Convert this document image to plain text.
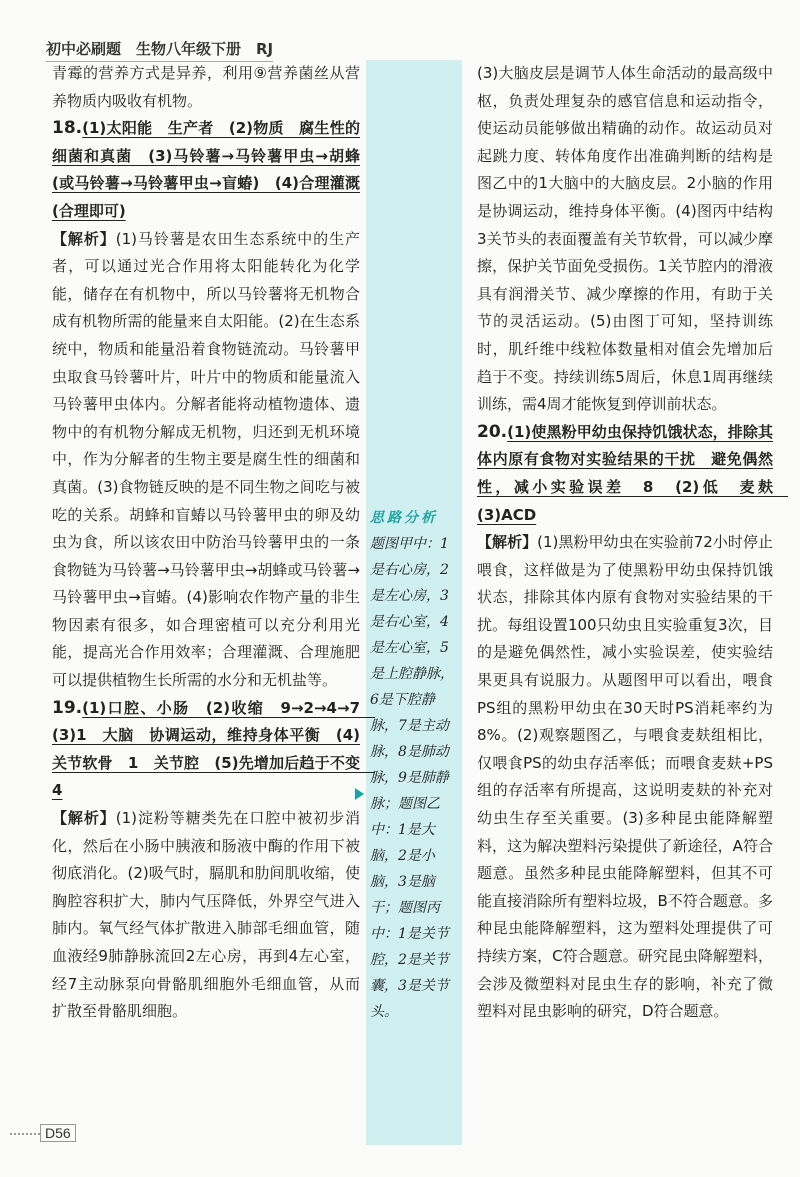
初中必刷题　生物八年级下册　RJ
思路分析
题图甲中：1是右心房，2是左心房，3是右心室，4是左心室，5是上腔静脉，6是下腔静脉，7是主动脉，8是肺动脉，9是肺静脉；题图乙中：1是大脑，2是小脑，3是脑干；题图丙中：1是关节腔，2是关节囊，3是关节头。

青霉的营养方式是异养，利用⑨营养菌丝从营养物质内吸收有机物。

18.(1)太阳能　生产者　(2)物质　腐生性的细菌和真菌　(3)马铃薯→马铃薯甲虫→胡蜂(或马铃薯→马铃薯甲虫→盲蝽)　(4)合理灌溉(合理即可)

【解析】(1)马铃薯是农田生态系统中的生产者，可以通过光合作用将太阳能转化为化学能，储存在有机物中，所以马铃薯将无机物合成有机物所需的能量来自太阳能。(2)在生态系统中，物质和能量沿着食物链流动。马铃薯甲虫取食马铃薯叶片，叶片中的物质和能量流入马铃薯甲虫体内。分解者能将动植物遗体、遗物中的有机物分解成无机物，归还到无机环境中，作为分解者的生物主要是腐生性的细菌和真菌。(3)食物链反映的是不同生物之间吃与被吃的关系。胡蜂和盲蝽以马铃薯甲虫的卵及幼虫为食，所以该农田中防治马铃薯甲虫的一条食物链为马铃薯→马铃薯甲虫→胡蜂或马铃薯→马铃薯甲虫→盲蝽。(4)影响农作物产量的非生物因素有很多，如合理密植可以充分利用光能，提高光合作用效率；合理灌溉、合理施肥可以提供植物生长所需的水分和无机盐等。

19.(1)口腔、小肠　(2)收缩　9→2→4→7　(3)1　大脑　协调运动，维持身体平衡　(4)关节软骨　1　关节腔　(5)先增加后趋于不变　4

【解析】(1)淀粉等糖类先在口腔中被初步消化，然后在小肠中胰液和肠液中酶的作用下被彻底消化。(2)吸气时，膈肌和肋间肌收缩，使胸腔容积扩大，肺内气压降低，外界空气进入肺内。氧气经气体扩散进入肺部毛细血管，随血液经9肺静脉流回2左心房，再到4左心室，经7主动脉泵向骨骼肌细胞外毛细血管，从而扩散至骨骼肌细胞。

(3)大脑皮层是调节人体生命活动的最高级中枢，负责处理复杂的感官信息和运动指令，使运动员能够做出精确的动作。故运动员对起跳力度、转体角度作出准确判断的结构是图乙中的1大脑中的大脑皮层。2小脑的作用是协调运动，维持身体平衡。(4)图丙中结构3关节头的表面覆盖有关节软骨，可以减少摩擦，保护关节面免受损伤。1关节腔内的滑液具有润滑关节、减少摩擦的作用，有助于关节的灵活运动。(5)由图丁可知，坚持训练时，肌纤维中线粒体数量相对值会先增加后趋于不变。持续训练5周后，休息1周再继续训练，需4周才能恢复到停训前状态。

20.(1)使黑粉甲幼虫保持饥饿状态，排除其体内原有食物对实验结果的干扰　避免偶然性，减小实验误差　8　(2)低　麦麸　(3)ACD

【解析】(1)黑粉甲幼虫在实验前72小时停止喂食，这样做是为了使黑粉甲幼虫保持饥饿状态，排除其体内原有食物对实验结果的干扰。每组设置100只幼虫且实验重复3次，目的是避免偶然性，减小实验误差，使实验结果更具有说服力。从题图甲可以看出，喂食PS组的黑粉甲幼虫在30天时PS消耗率约为8%。(2)观察题图乙，与喂食麦麸组相比，仅喂食PS的幼虫存活率低；而喂食麦麸+PS组的存活率有所提高，这说明麦麸的补充对幼虫生存至关重要。(3)多种昆虫能降解塑料，这为解决塑料污染提供了新途径，A符合题意。虽然多种昆虫能降解塑料，但其不可能直接消除所有塑料垃圾，B不符合题意。多种昆虫能降解塑料，这为塑料处理提供了可持续方案，C符合题意。研究昆虫降解塑料，会涉及微塑料对昆虫生存的影响，补充了微塑料对昆虫影响的研究，D符合题意。

D56
